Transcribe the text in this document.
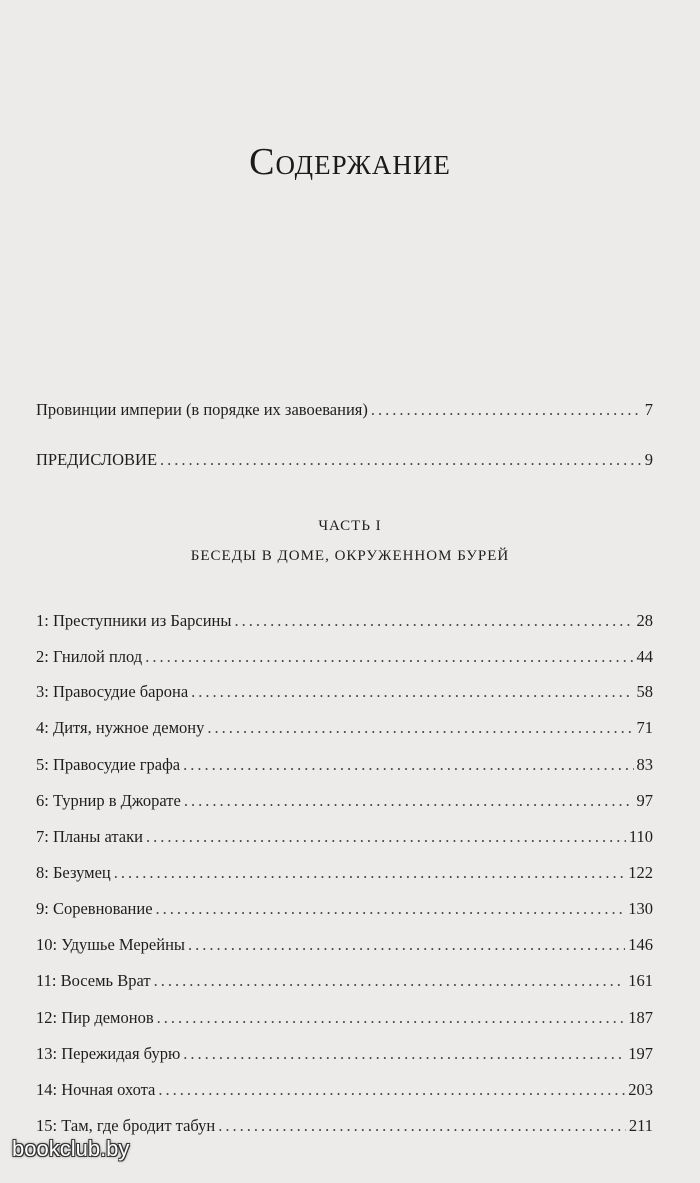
Содержание
Провинции империи (в порядке их завоевания) .....	7
ПРЕДИСЛОВИЕ .....	9
ЧАСТЬ I
БЕСЕДЫ В ДОМЕ, ОКРУЖЕННОМ БУРЕЙ
1: Преступники из Барсины .....	28
2: Гнилой плод .....	44
3: Правосудие барона .....	58
4: Дитя, нужное демону .....	71
5: Правосудие графа .....	83
6: Турнир в Джорате .....	97
7: Планы атаки .....	110
8: Безумец .....	122
9: Соревнование .....	130
10: Удушье Мерейны .....	146
11: Восемь Врат .....	161
12: Пир демонов .....	187
13: Пережидая бурю .....	197
14: Ночная охота .....	203
15: Там, где бродит табун .....	211
bookclub.by
